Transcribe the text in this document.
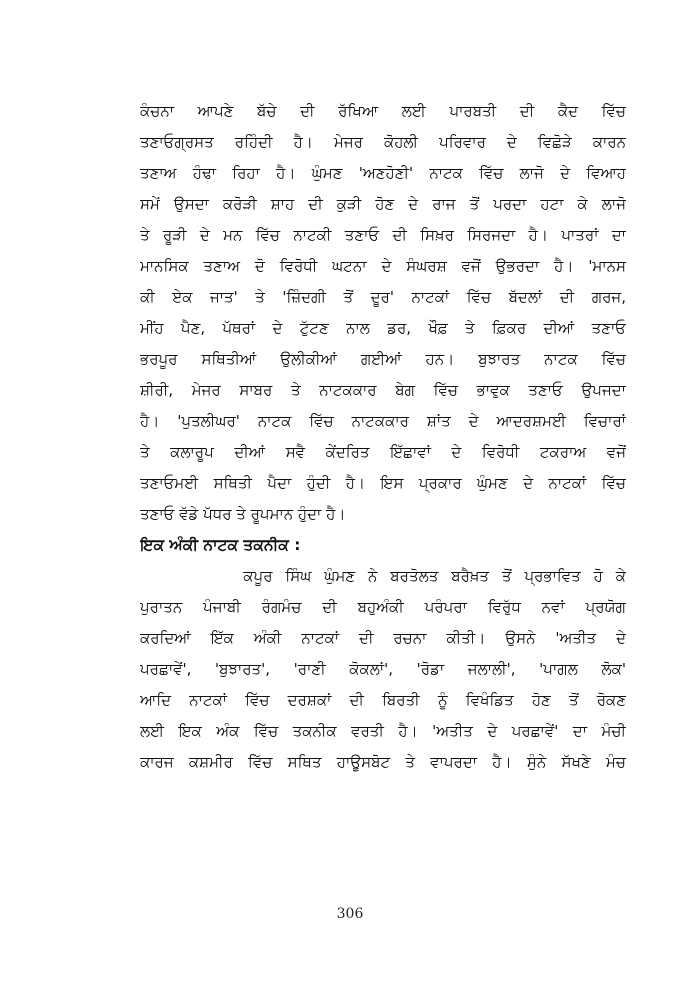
ਕੰਚਨਾ ਆਪਣੇ ਬੱਚੇ ਦੀ ਰੱਖਿਆ ਲਈ ਪਾਰਬਤੀ ਦੀ ਕੈਦ ਵਿੱਚ
ਤਣਾਓਗ੍ਰਸਤ ਰਹਿੰਦੀ ਹੈ। ਮੇਜਰ ਕੋਹਲੀ ਪਰਿਵਾਰ ਦੇ ਵਿਛੋੜੇ ਕਾਰਨ
ਤਣਾਅ ਹੰਢਾ ਰਿਹਾ ਹੈ। ਘੁੰਮਣ 'ਅਣਹੋਣੀ' ਨਾਟਕ ਵਿੱਚ ਲਾਜੋ ਦੇ ਵਿਆਹ
ਸਮੇਂ ਉਸਦਾ ਕਰੋੜੀ ਸ਼ਾਹ ਦੀ ਕੁੜੀ ਹੋਣ ਦੇ ਰਾਜ ਤੋਂ ਪਰਦਾ ਹਟਾ ਕੇ ਲਾਜੋ
ਤੇ ਰੂੜੀ ਦੇ ਮਨ ਵਿੱਚ ਨਾਟਕੀ ਤਣਾਓ ਦੀ ਸਿਖ਼ਰ ਸਿਰਜਦਾ ਹੈ। ਪਾਤਰਾਂ ਦਾ
ਮਾਨਸਿਕ ਤਣਾਅ ਦੋ ਵਿਰੋਧੀ ਘਟਨਾ ਦੇ ਸੰਘਰਸ਼ ਵਜੋਂ ਉਭਰਦਾ ਹੈ। 'ਮਾਨਸ
ਕੀ ਏਕ ਜਾਤ' ਤੇ 'ਜ਼ਿੰਦਗੀ ਤੋਂ ਦੂਰ' ਨਾਟਕਾਂ ਵਿੱਚ ਬੱਦਲਾਂ ਦੀ ਗਰਜ,
ਮੀਂਹ ਪੈਣ, ਪੱਥਰਾਂ ਦੇ ਟੁੱਟਣ ਨਾਲ ਡਰ, ਖੌਫ਼ ਤੇ ਫ਼ਿਕਰ ਦੀਆਂ ਤਣਾਓ
ਭਰਪੂਰ ਸਥਿਤੀਆਂ ਉਲੀਕੀਆਂ ਗਈਆਂ ਹਨ। ਬੁਝਾਰਤ ਨਾਟਕ ਵਿੱਚ
ਸ਼ੀਰੀ, ਮੇਜਰ ਸਾਬਰ ਤੇ ਨਾਟਕਕਾਰ ਬੇਗ ਵਿੱਚ ਭਾਵੁਕ ਤਣਾਓ ਉਪਜਦਾ
ਹੈ। 'ਪੁਤਲੀਘਰ' ਨਾਟਕ ਵਿੱਚ ਨਾਟਕਕਾਰ ਸ਼ਾਂਤ ਦੇ ਆਦਰਸ਼ਮਈ ਵਿਚਾਰਾਂ
ਤੇ ਕਲਾਰੂਪ ਦੀਆਂ ਸਵੈ ਕੇਂਦਰਿਤ ਇੱਛਾਵਾਂ ਦੇ ਵਿਰੋਧੀ ਟਕਰਾਅ ਵਜੋਂ
ਤਣਾਓਮਈ ਸਥਿਤੀ ਪੈਦਾ ਹੁੰਦੀ ਹੈ। ਇਸ ਪ੍ਰਕਾਰ ਘੁੰਮਣ ਦੇ ਨਾਟਕਾਂ ਵਿੱਚ
ਤਣਾਓ ਵੱਡੇ ਪੱਧਰ ਤੇ ਰੂਪਮਾਨ ਹੁੰਦਾ ਹੈ।
ਇਕ ਅੰਕੀ ਨਾਟਕ ਤਕਨੀਕ :
ਕਪੂਰ ਸਿੰਘ ਘੁੰਮਣ ਨੇ ਬਰਤੋਲਤ ਬਰੈਖ਼ਤ ਤੋਂ ਪ੍ਰਭਾਵਿਤ ਹੋ ਕੇ
ਪੁਰਾਤਨ ਪੰਜਾਬੀ ਰੰਗਮੰਚ ਦੀ ਬਹੁਅੰਕੀ ਪਰੰਪਰਾ ਵਿਰੁੱਧ ਨਵਾਂ ਪ੍ਰਯੋਗ
ਕਰਦਿਆਂ ਇੱਕ ਅੰਕੀ ਨਾਟਕਾਂ ਦੀ ਰਚਨਾ ਕੀਤੀ। ਉਸਨੇ 'ਅਤੀਤ ਦੇ
ਪਰਛਾਵੇਂ', 'ਬੁਝਾਰਤ', 'ਰਾਣੀ ਕੋਕਲਾਂ', 'ਰੋਡਾ ਜਲਾਲੀ', 'ਪਾਗਲ ਲੋਕ'
ਆਦਿ ਨਾਟਕਾਂ ਵਿੱਚ ਦਰਸ਼ਕਾਂ ਦੀ ਬਿਰਤੀ ਨੂੰ ਵਿਖੰਡਿਤ ਹੋਣ ਤੋਂ ਰੋਕਣ
ਲਈ ਇਕ ਅੰਕ ਵਿੱਚ ਤਕਨੀਕ ਵਰਤੀ ਹੈ। 'ਅਤੀਤ ਦੇ ਪਰਛਾਵੇਂ' ਦਾ ਮੰਚੀ
ਕਾਰਜ ਕਸ਼ਮੀਰ ਵਿੱਚ ਸਥਿਤ ਹਾਊਸਬੋਟ ਤੇ ਵਾਪਰਦਾ ਹੈ। ਸੁੰਨੇ ਸੱਖਣੇ ਮੰਚ
306
